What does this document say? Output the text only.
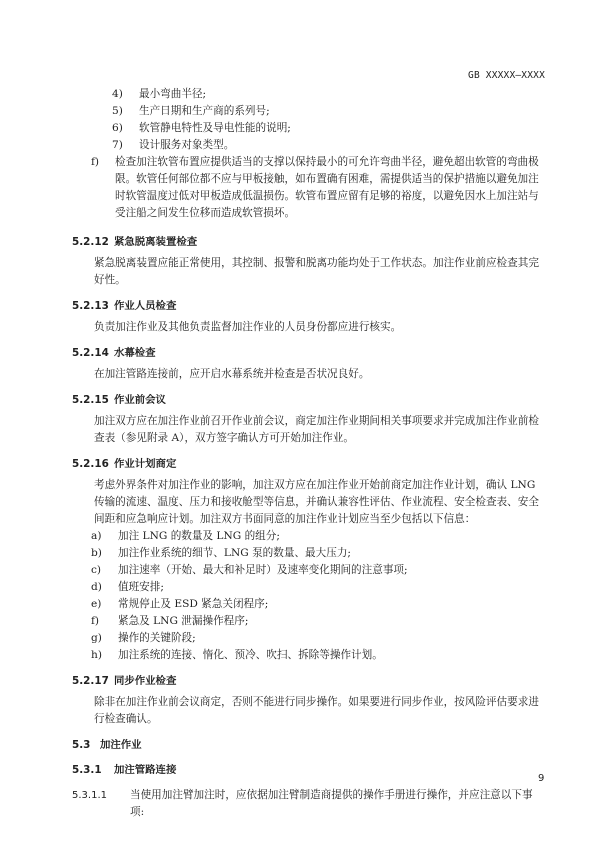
GB XXXXX—XXXX
4)	最小弯曲半径;
5)	生产日期和生产商的系列号;
6)	软管静电特性及导电性能的说明;
7)	设计服务对象类型。
f)	检查加注软管布置应提供适当的支撑以保持最小的可允许弯曲半径，避免超出软管的弯曲极限。软管任何部位都不应与甲板接触，如布置确有困难，需提供适当的保护措施以避免加注时软管温度过低对甲板造成低温损伤。软管布置应留有足够的裕度，以避免因水上加注站与受注船之间发生位移而造成软管损坏。
5.2.12 紧急脱离装置检查

紧急脱离装置应能正常使用，其控制、报警和脱离功能均处于工作状态。加注作业前应检查其完好性。

5.2.13 作业人员检查

负责加注作业及其他负责监督加注作业的人员身份都应进行核实。

5.2.14 水幕检查

在加注管路连接前，应开启水幕系统并检查是否状况良好。

5.2.15 作业前会议

加注双方应在加注作业前召开作业前会议，商定加注作业期间相关事项要求并完成加注作业前检查表（参见附录 A），双方签字确认方可开始加注作业。

5.2.16 作业计划商定

考虑外界条件对加注作业的影响，加注双方应在加注作业开始前商定加注作业计划，确认 LNG 传输的流速、温度、压力和接收舱型等信息，并确认兼容性评估、作业流程、安全检查表、安全间距和应急响应计划。加注双方书面同意的加注作业计划应当至少包括以下信息：

a)	加注 LNG 的数量及 LNG 的组分;
b)	加注作业系统的细节、LNG 泵的数量、最大压力;
c)	加注速率（开始、最大和补足时）及速率变化期间的注意事项;
d)	值班安排;
e)	常规停止及 ESD 紧急关闭程序;
f)	紧急及 LNG 泄漏操作程序;
g)	操作的关键阶段;
h)	加注系统的连接、惰化、预冷、吹扫、拆除等操作计划。
5.2.17 同步作业检查

除非在加注作业前会议商定，否则不能进行同步操作。如果要进行同步作业，按风险评估要求进行检查确认。

5.3 加注作业
5.3.1	加注管路连接
5.3.1.1	当使用加注臂加注时，应依据加注臂制造商提供的操作手册进行操作，并应注意以下事项:
9
